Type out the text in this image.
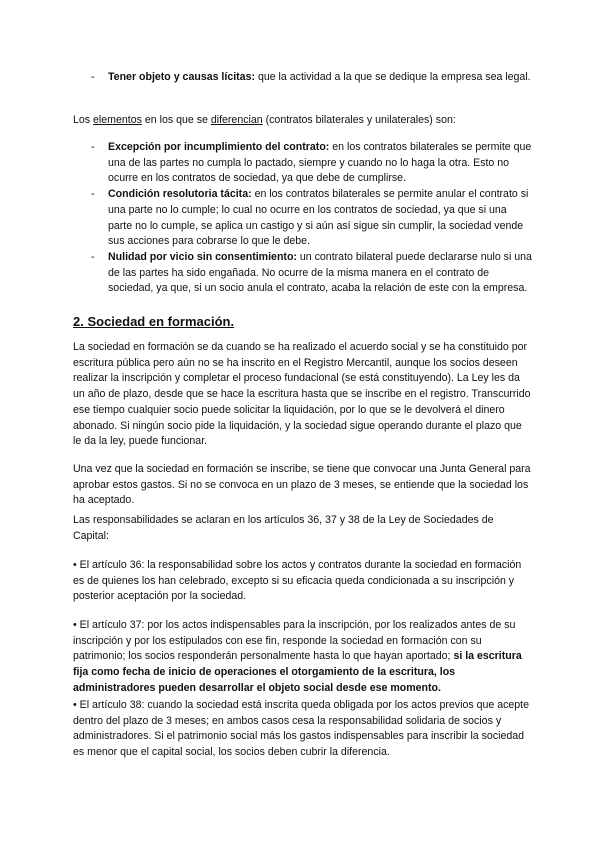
- Tener objeto y causas lícitas: que la actividad a la que se dedique la empresa sea legal.
Los elementos en los que se diferencian (contratos bilaterales y unilaterales) son:
- Excepción por incumplimiento del contrato: en los contratos bilaterales se permite que una de las partes no cumpla lo pactado, siempre y cuando no lo haga la otra. Esto no ocurre en los contratos de sociedad, ya que debe de cumplirse.
- Condición resolutoria tácita: en los contratos bilaterales se permite anular el contrato si una parte no lo cumple; lo cual no ocurre en los contratos de sociedad, ya que si una parte no lo cumple, se aplica un castigo y si aún así sigue sin cumplir, la sociedad vende sus acciones para cobrarse lo que le debe.
- Nulidad por vicio sin consentimiento: un contrato bilateral puede declararse nulo si una de las partes ha sido engañada. No ocurre de la misma manera en el contrato de sociedad, ya que, si un socio anula el contrato, acaba la relación de este con la empresa.
2. Sociedad en formación.
La sociedad en formación se da cuando se ha realizado el acuerdo social y se ha constituido por escritura pública pero aún no se ha inscrito en el Registro Mercantil, aunque los socios deseen realizar la inscripción y completar el proceso fundacional (se está constituyendo). La Ley les da un año de plazo, desde que se hace la escritura hasta que se inscribe en el registro. Transcurrido ese tiempo cualquier socio puede solicitar la liquidación, por lo que se le devolverá el dinero abonado. Si ningún socio pide la liquidación, y la sociedad sigue operando durante el plazo que le da la ley, puede funcionar.
Una vez que la sociedad en formación se inscribe, se tiene que convocar una Junta General para aprobar estos gastos. Si no se convoca en un plazo de 3 meses, se entiende que la sociedad los ha aceptado.
Las responsabilidades se aclaran en los artículos 36, 37 y 38 de la Ley de Sociedades de Capital:
• El artículo 36: la responsabilidad sobre los actos y contratos durante la sociedad en formación es de quienes los han celebrado, excepto si su eficacia queda condicionada a su inscripción y posterior aceptación por la sociedad.
• El artículo 37: por los actos indispensables para la inscripción, por los realizados antes de su inscripción y por los estipulados con ese fin, responde la sociedad en formación con su patrimonio; los socios responderán personalmente hasta lo que hayan aportado; si la escritura fija como fecha de inicio de operaciones el otorgamiento de la escritura, los administradores pueden desarrollar el objeto social desde ese momento.
• El artículo 38: cuando la sociedad está inscrita queda obligada por los actos previos que acepte dentro del plazo de 3 meses; en ambos casos cesa la responsabilidad solidaria de socios y administradores. Si el patrimonio social más los gastos indispensables para inscribir la sociedad es menor que el capital social, los socios deben cubrir la diferencia.
